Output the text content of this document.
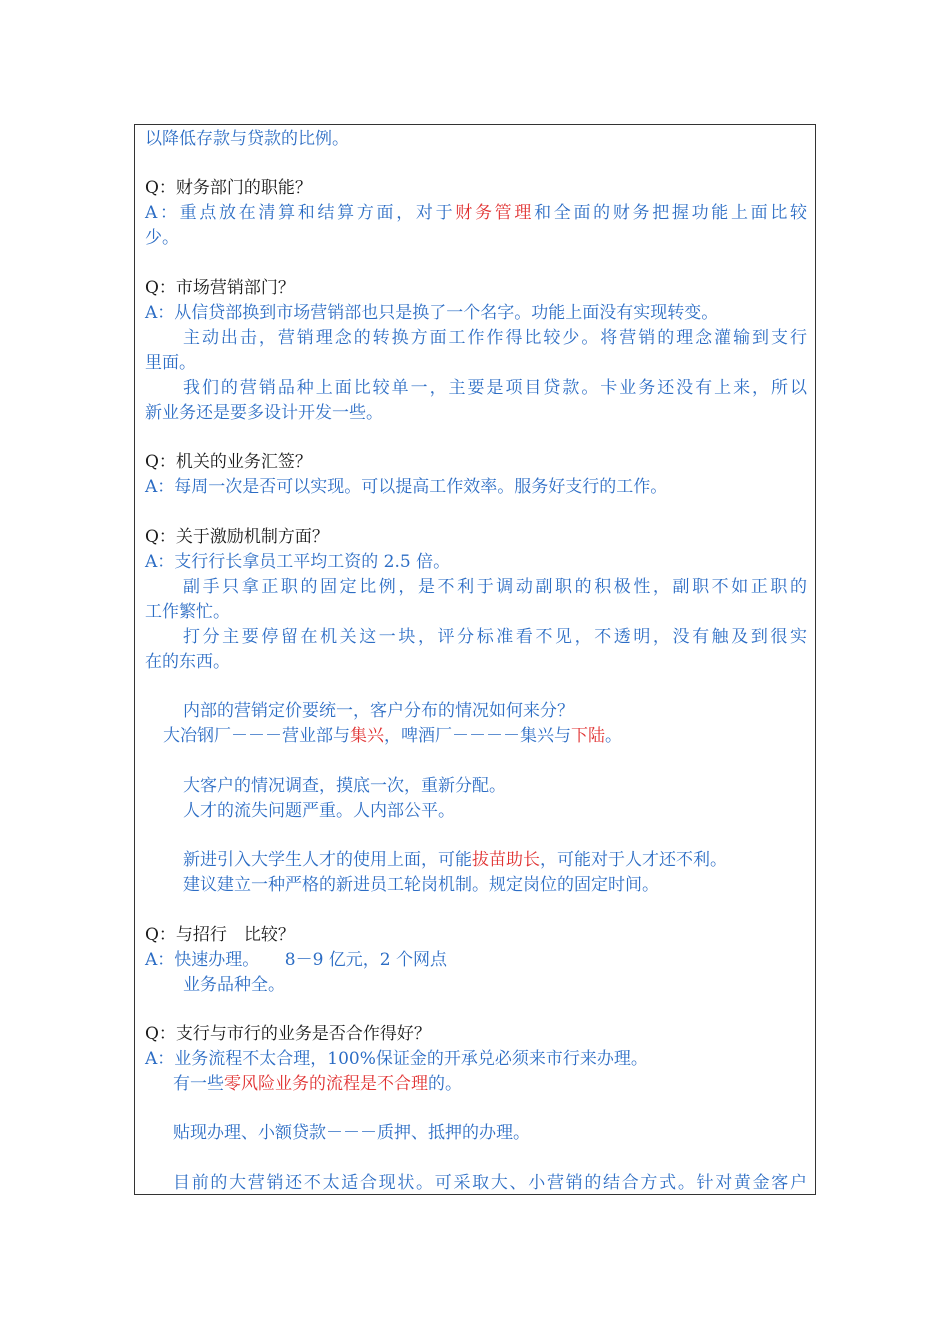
以降低存款与贷款的比例。
Q：财务部门的职能？
A：重点放在清算和结算方面，对于财务管理和全面的财务把握功能上面比较
少。
Q：市场营销部门？
A：从信贷部换到市场营销部也只是换了一个名字。功能上面没有实现转变。
主动出击，营销理念的转换方面工作作得比较少。将营销的理念灌输到支行
里面。
我们的营销品种上面比较单一，主要是项目贷款。卡业务还没有上来，所以
新业务还是要多设计开发一些。
Q：机关的业务汇签？
A：每周一次是否可以实现。可以提高工作效率。服务好支行的工作。
Q：关于激励机制方面？
A：支行行长拿员工平均工资的 2.5 倍。
副手只拿正职的固定比例，是不利于调动副职的积极性，副职不如正职的
工作繁忙。
打分主要停留在机关这一块，评分标准看不见，不透明，没有触及到很实
在的东西。
内部的营销定价要统一，客户分布的情况如何来分？
大冶钢厂－－－营业部与集兴，啤酒厂－－－－集兴与下陆。
大客户的情况调查，摸底一次，重新分配。
人才的流失问题严重。人内部公平。
新进引入大学生人才的使用上面，可能拔苗助长，可能对于人才还不利。
建议建立一种严格的新进员工轮岗机制。规定岗位的固定时间。
Q：与招行　比较？
A：快速办理。　　8－9 亿元，2 个网点
业务品种全。
Q：支行与市行的业务是否合作得好？
A：业务流程不太合理，100%保证金的开承兑必须来市行来办理。
有一些零风险业务的流程是不合理的。
贴现办理、小额贷款－－－质押、抵押的办理。
目前的大营销还不太适合现状。可采取大、小营销的结合方式。针对黄金客户
